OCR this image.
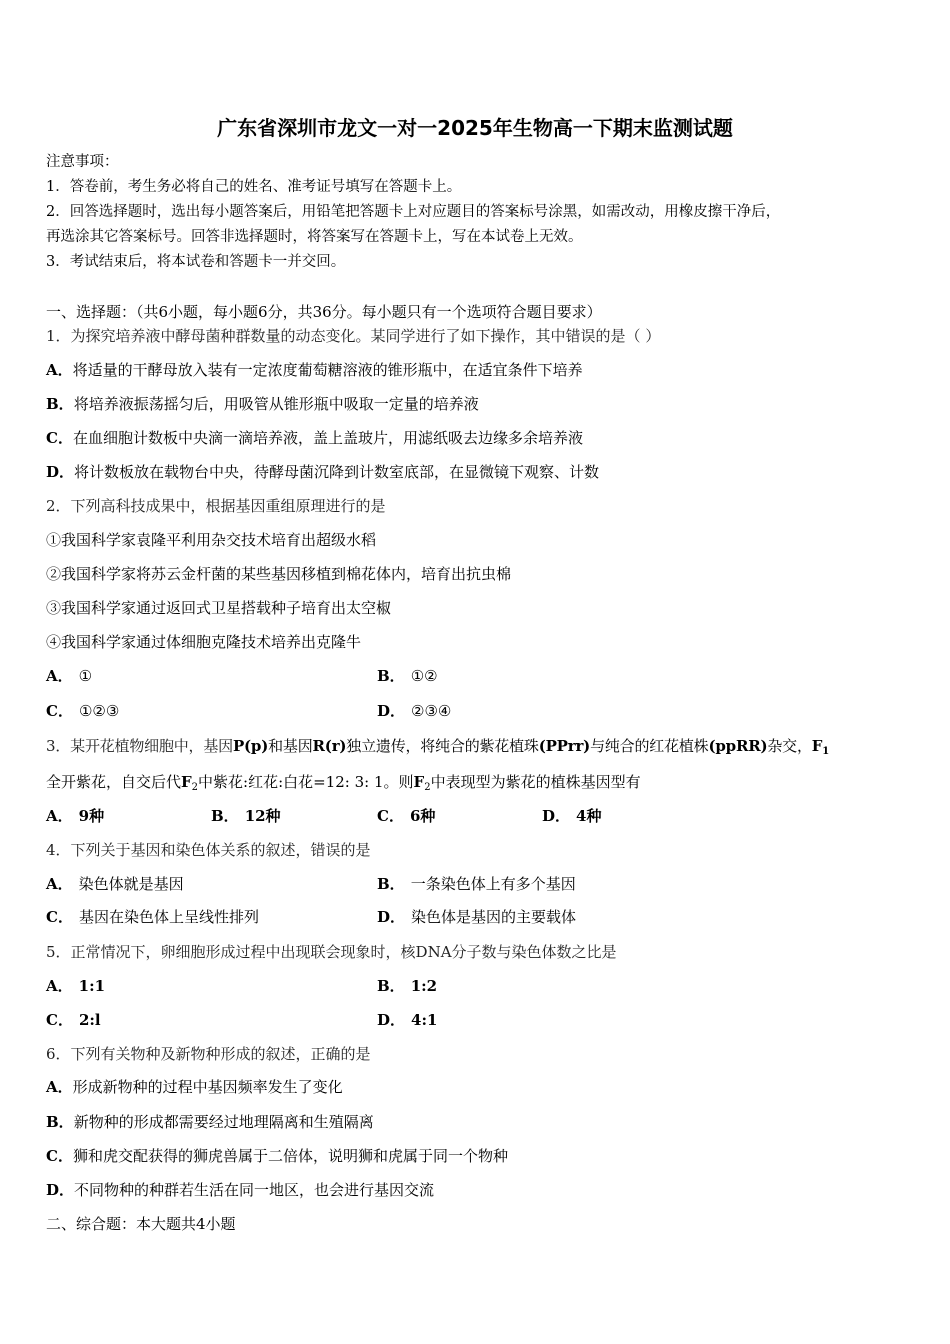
广东省深圳市龙文一对一2025年生物高一下期末监测试题
注意事项：
1．答卷前，考生务必将自己的姓名、准考证号填写在答题卡上。
2．回答选择题时，选出每小题答案后，用铅笔把答题卡上对应题目的答案标号涂黑，如需改动，用橡皮擦干净后，
再选涂其它答案标号。回答非选择题时，将答案写在答题卡上，写在本试卷上无效。
3．考试结束后，将本试卷和答题卡一并交回。
一、选择题：（共6小题，每小题6分，共36分。每小题只有一个选项符合题目要求）
1．为探究培养液中酵母菌种群数量的动态变化。某同学进行了如下操作，其中错误的是（ ）
A．将适量的干酵母放入装有一定浓度葡萄糖溶液的锥形瓶中，在适宜条件下培养
B．将培养液振荡摇匀后，用吸管从锥形瓶中吸取一定量的培养液
C．在血细胞计数板中央滴一滴培养液，盖上盖玻片，用滤纸吸去边缘多余培养液
D．将计数板放在载物台中央，待酵母菌沉降到计数室底部，在显微镜下观察、计数
2．下列高科技成果中，根据基因重组原理进行的是
①我国科学家袁隆平利用杂交技术培育出超级水稻
②我国科学家将苏云金杆菌的某些基因移植到棉花体内，培育出抗虫棉
③我国科学家通过返回式卫星搭载种子培育出太空椒
④我国科学家通过体细胞克隆技术培养出克隆牛
A． ①	B． ①②
C． ①②③	D． ②③④
3．某开花植物细胞中，基因P(p)和基因R(r)独立遗传，将纯合的紫花植珠(PPrr)与纯合的红花植株(ppRR)杂交，$F_1$
全开紫花，自交后代$F_2$中紫花:红花:白花=12: 3: 1。则$F_2$中表现型为紫花的植株基因型有
A． 9种	B． 12种	C． 6种	D． 4种
4．下列关于基因和染色体关系的叙述，错误的是
A． 染色体就是基因	B． 一条染色体上有多个基因
C． 基因在染色体上呈线性排列	D． 染色体是基因的主要载体
5．正常情况下，卵细胞形成过程中出现联会现象时，核DNA分子数与染色体数之比是
A． 1:1	B． 1:2
C． 2:l	D． 4:1
6．下列有关物种及新物种形成的叙述，正确的是
A．形成新物种的过程中基因频率发生了变化
B．新物种的形成都需要经过地理隔离和生殖隔离
C．狮和虎交配获得的狮虎兽属于二倍体，说明狮和虎属于同一个物种
D．不同物种的种群若生活在同一地区，也会进行基因交流
二、综合题：本大题共4小题
